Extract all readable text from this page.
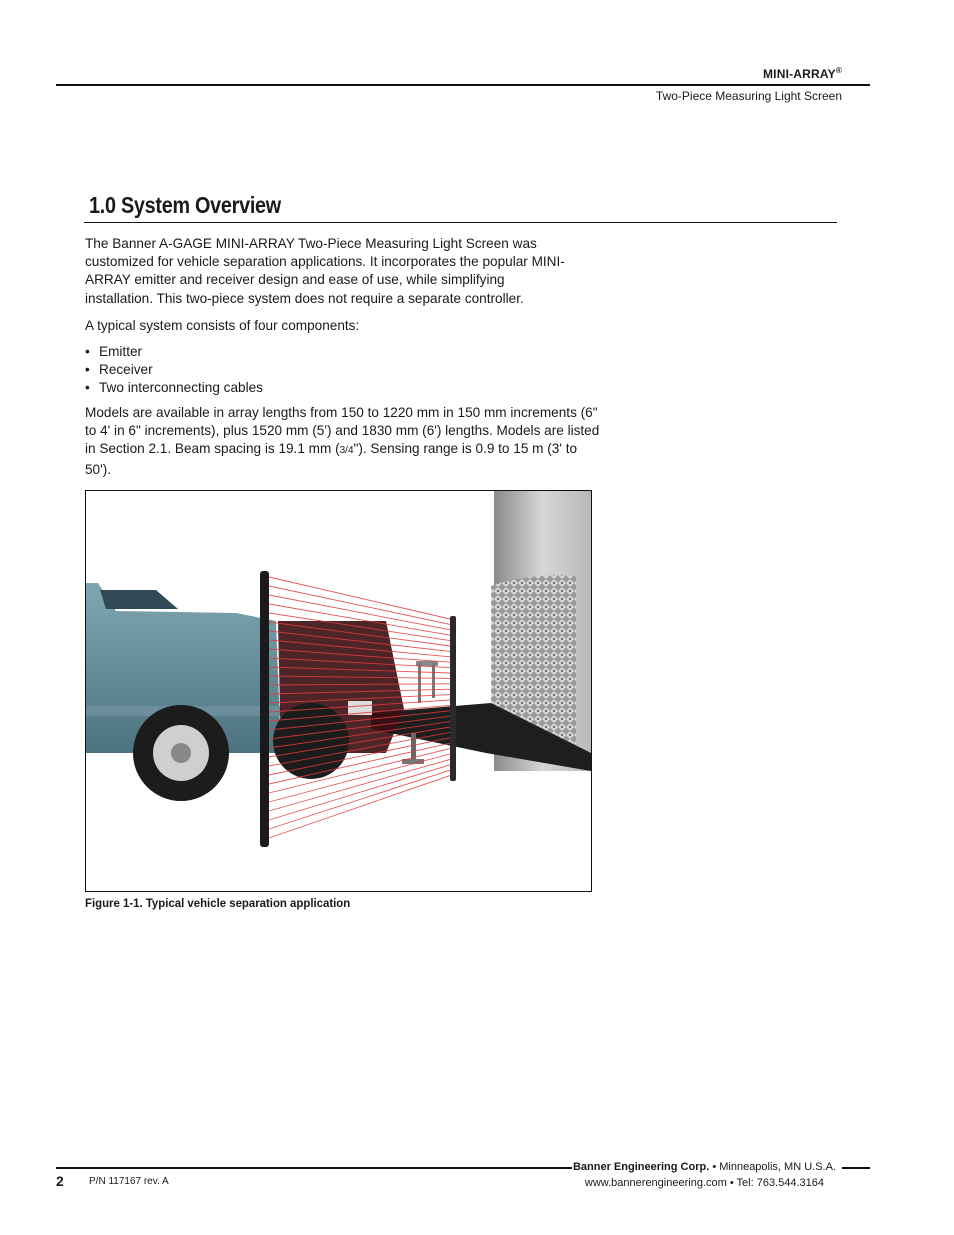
MINI-ARRAY®
Two-Piece Measuring Light Screen
1.0 System Overview

The Banner A-GAGE MINI-ARRAY Two-Piece Measuring Light Screen was customized for vehicle separation applications. It incorporates the popular MINI-ARRAY emitter and receiver design and ease of use, while simplifying installation. This two-piece system does not require a separate controller.

A typical system consists of four components:

• Emitter
• Receiver
• Two interconnecting cables

Models are available in array lengths from 150 to 1220 mm in 150 mm increments (6" to 4' in 6" increments), plus 1520 mm (5') and 1830 mm (6') lengths. Models are listed in Section 2.1. Beam spacing is 19.1 mm (3/4"). Sensing range is 0.9 to 15 m (3' to 50').

Figure 1-1. Typical vehicle separation application
2	P/N 117167 rev. A
Banner Engineering Corp. • Minneapolis, MN U.S.A.
www.bannerengineering.com • Tel: 763.544.3164
